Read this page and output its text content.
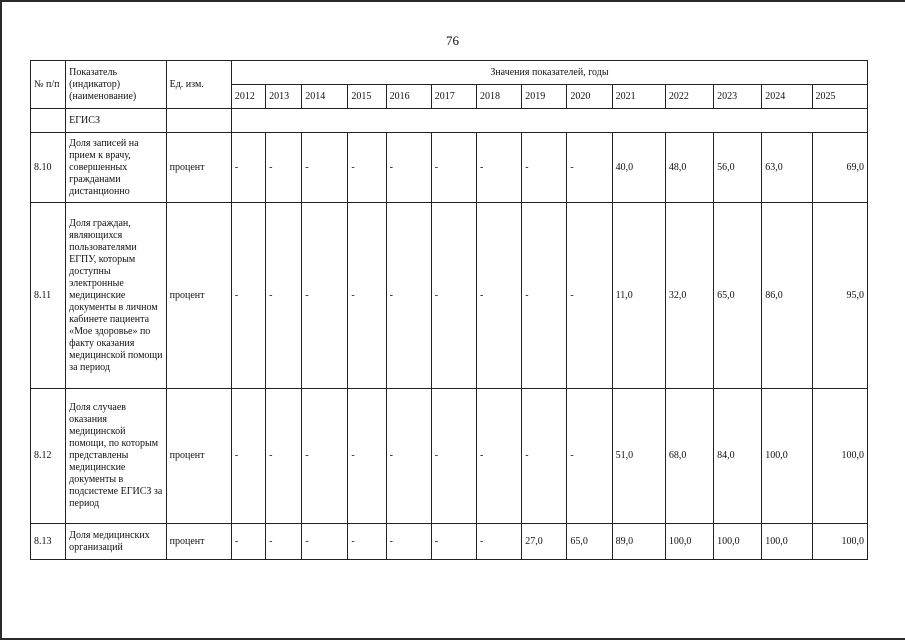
76
№ п/п	Показатель (индикатор) (наименование)	Ед. изм.	Значения показателей, годы													
			2012	2013	2014	2015	2016	2017	2018	2019	2020	2021	2022	2023	2024	2025
	ЕГИСЗ															
8.10	Доля записей на прием к врачу, совершенных гражданами дистанционно	процент	-	-	-	-	-	-	-	-	-	40,0	48,0	56,0	63,0	69,0
8.11	Доля граждан, являющихся пользователями ЕГПУ, которым доступны электронные медицинские документы в личном кабинете пациента «Мое здоровье» по факту оказания медицинской помощи за период	процент	-	-	-	-	-	-	-	-	-	11,0	32,0	65,0	86,0	95,0
8.12	Доля случаев оказания медицинской помощи, по которым представлены медицинские документы в подсистеме ЕГИСЗ за период	процент	-	-	-	-	-	-	-	-	-	51,0	68,0	84,0	100,0	100,0
8.13	Доля медицинских организаций	процент	-	-	-	-	-	-	-	27,0	65,0	89,0	100,0	100,0	100,0	100,0
